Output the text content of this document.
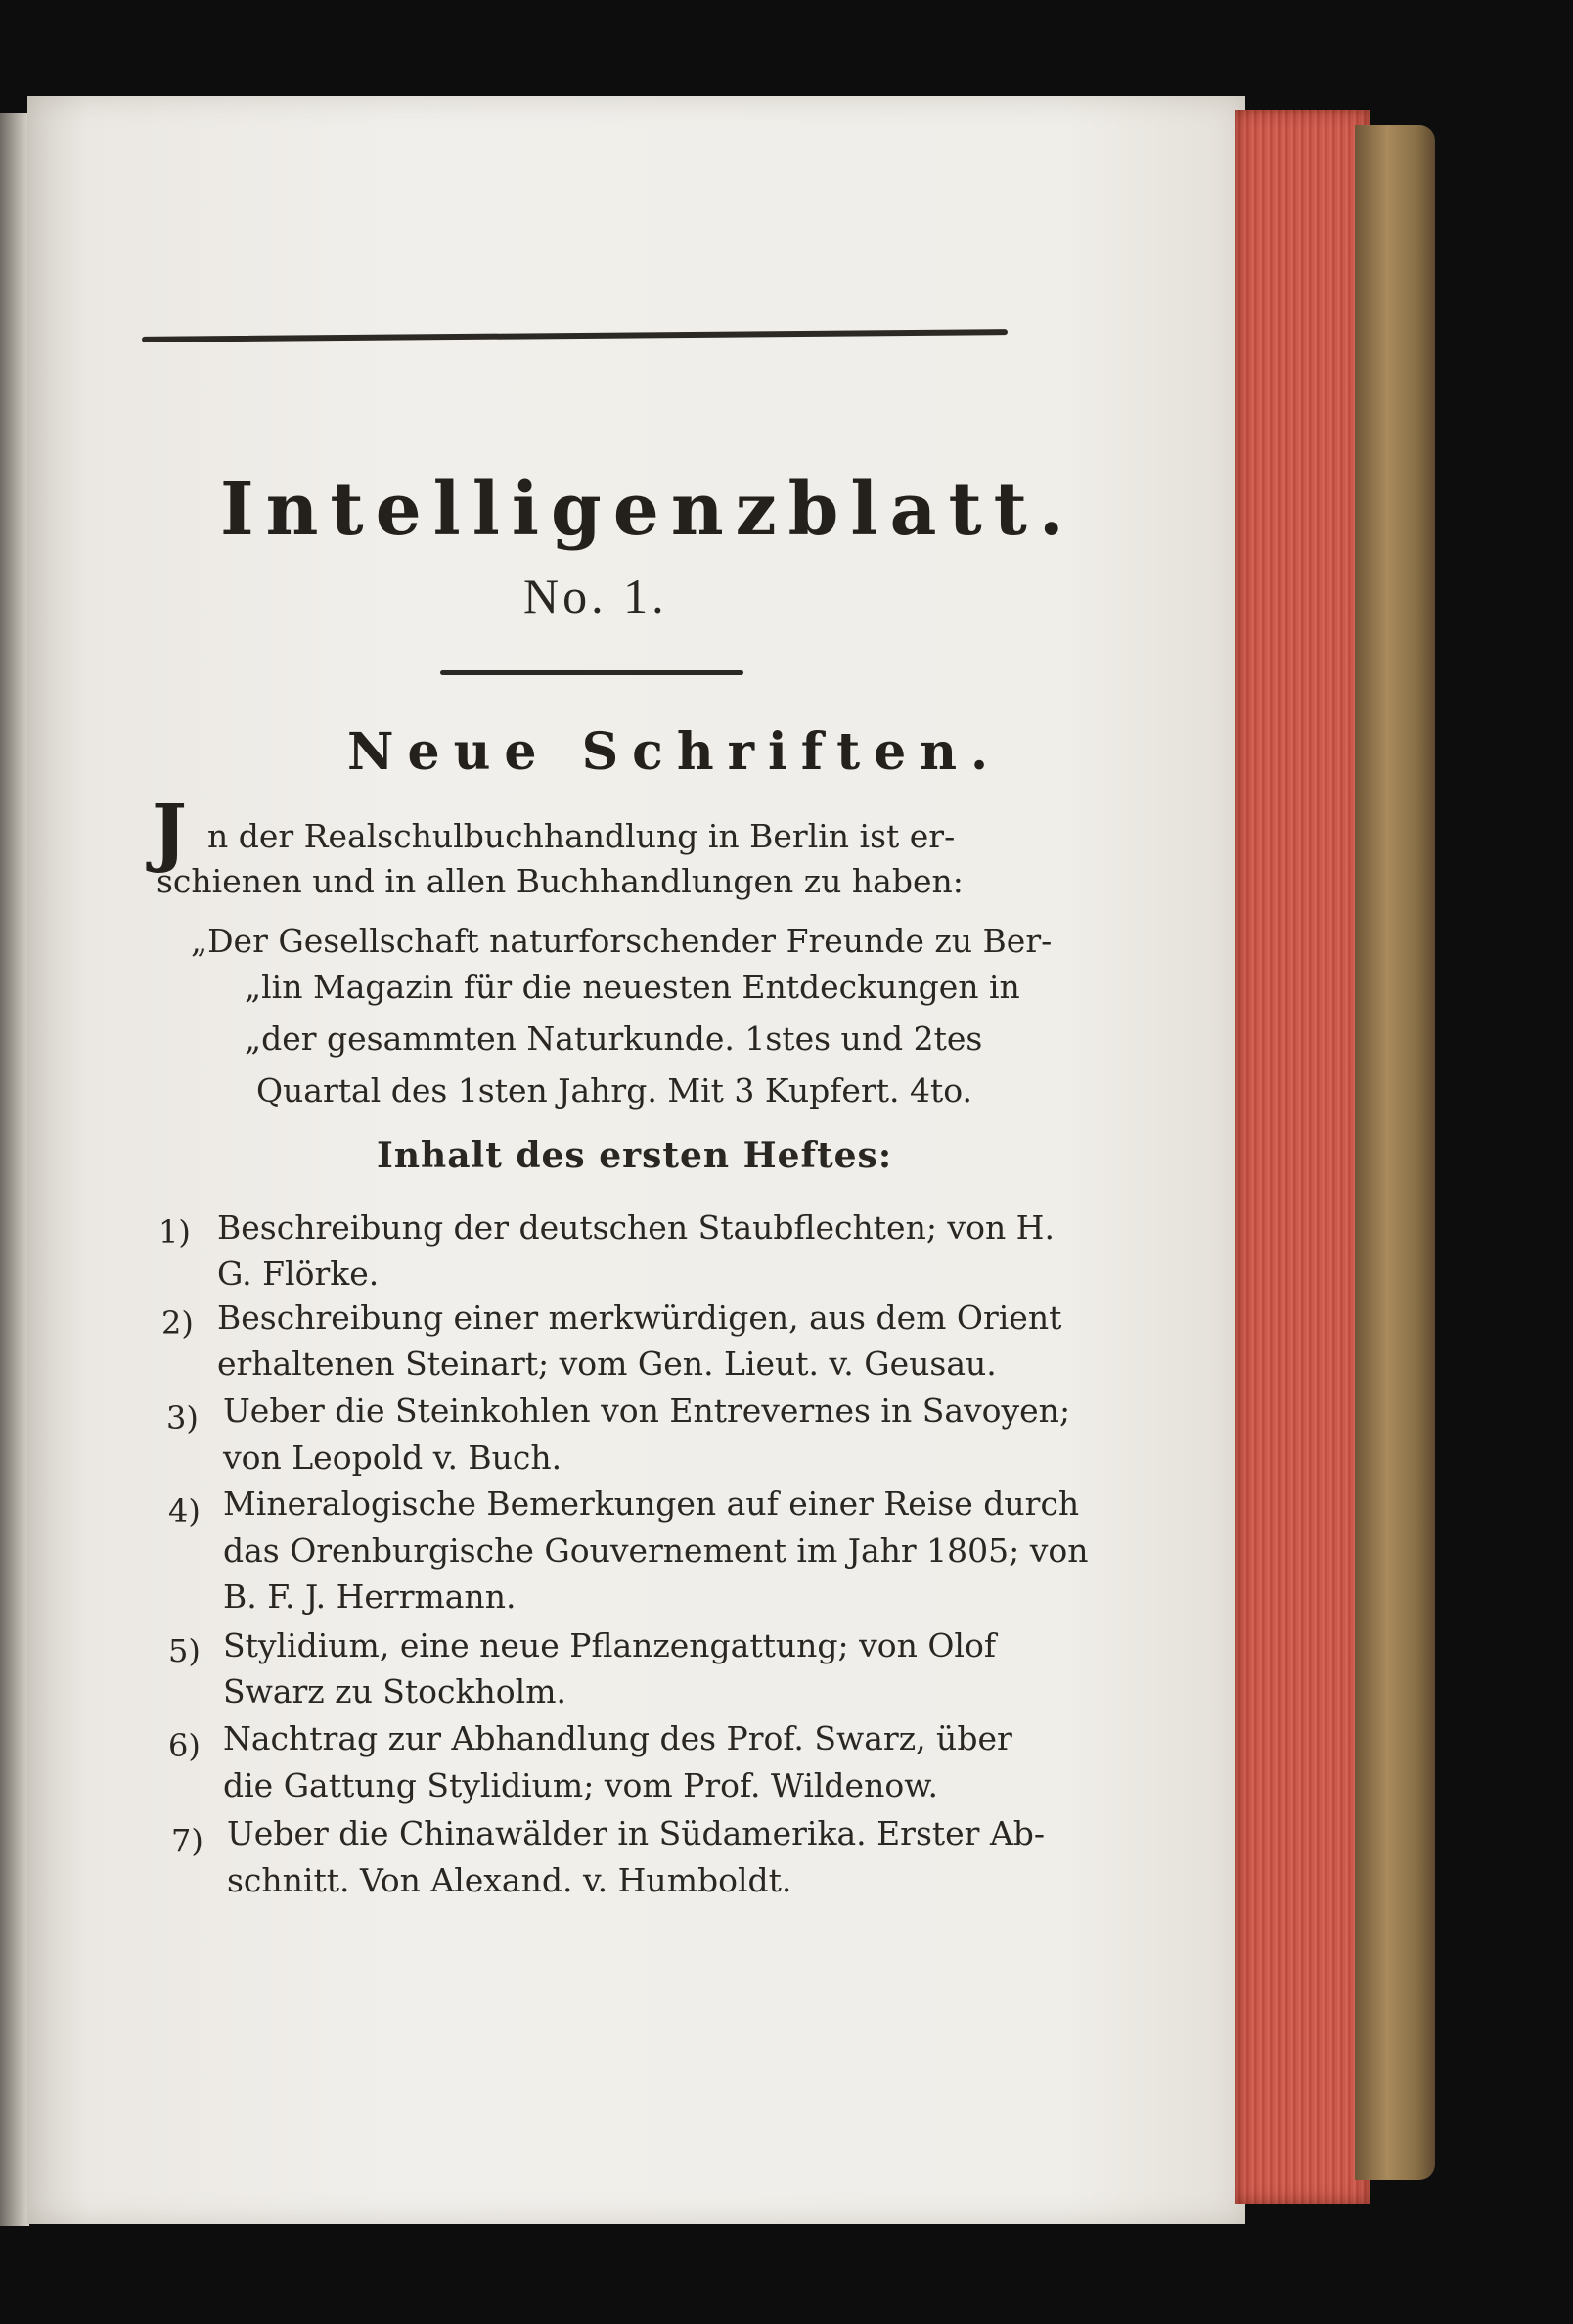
Intelligenzblatt.
No. 1.
Neue Schriften.
J n der Realschulbuchhandlung in Berlin ist er-
schienen und in allen Buchhandlungen zu haben:
„Der Gesellschaft naturforschender Freunde zu Ber-
„lin Magazin für die neuesten Entdeckungen in
„der gesammten Naturkunde. 1stes und 2tes
Quartal des 1sten Jahrg. Mit 3 Kupfert. 4to.
Inhalt des ersten Heftes:
1) Beschreibung der deutschen Staubflechten; von H.
G. Flörke.
2) Beschreibung einer merkwürdigen, aus dem Orient
erhaltenen Steinart; vom Gen. Lieut. v. Geusau.
3) Ueber die Steinkohlen von Entrevernes in Savoyen;
von Leopold v. Buch.
4) Mineralogische Bemerkungen auf einer Reise durch
das Orenburgische Gouvernement im Jahr 1805; von
B. F. J. Herrmann.
5) Stylidium, eine neue Pflanzengattung; von Olof
Swarz zu Stockholm.
6) Nachtrag zur Abhandlung des Prof. Swarz, über
die Gattung Stylidium; vom Prof. Wildenow.
7) Ueber die Chinawälder in Südamerika. Erster Ab-
schnitt. Von Alexand. v. Humboldt.
